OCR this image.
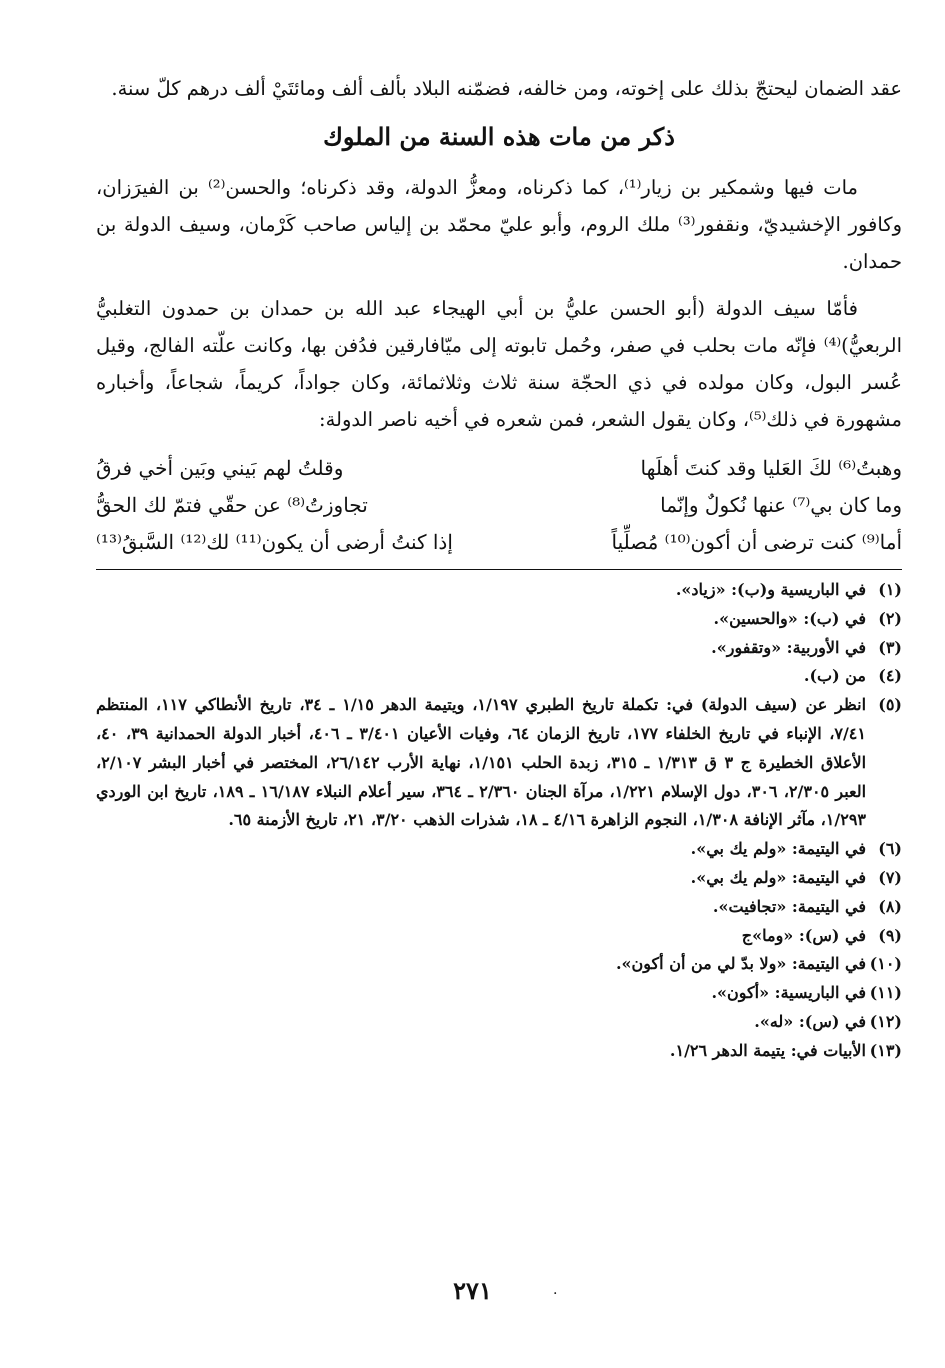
عقد الضمان ليحتجّ بذلك على إخوته، ومن خالفه، فضمّنه البلاد بألف ألف ومائتَيْ ألف درهم كلّ سنة.

ذكر من مات هذه السنة من الملوك

مات فيها وشمكير بن زيار⁽¹⁾، كما ذكرناه، ومعزُّ الدولة، وقد ذكرناه؛ والحسن⁽²⁾ بن الفيرَزان، وكافور الإخشيديّ، ونقفور⁽³⁾ ملك الروم، وأبو عليّ محمّد بن إلياس صاحب كَرْمان، وسيف الدولة بن حمدان.

فأمّا سيف الدولة (أبو الحسن عليُّ بن أبي الهيجاء عبد الله بن حمدان بن حمدون التغلبيُّ الربعيُّ)⁽⁴⁾ فإنّه مات بحلب في صفر، وحُمل تابوته إلى ميّافارقين فدُفن بها، وكانت علّته الفالج، وقيل عُسر البول، وكان مولده في ذي الحجّة سنة ثلاث وثلاثمائة، وكان جواداً، كريماً، شجاعاً، وأخباره مشهورة في ذلك⁽⁵⁾، وكان يقول الشعر، فمن شعره في أخيه ناصر الدولة:

وهبتُ⁽⁶⁾ لكَ العَليا وقد كنتَ أهلَها
وقلتُ لهم بَيني وبَين أخي فرقُ
وما كان بي⁽⁷⁾ عنها نُكولٌ وإنّما
تجاوزتُ⁽⁸⁾ عن حقّي فتمّ لك الحقُّ
أما⁽⁹⁾ كنت ترضى أن أكون⁽¹⁰⁾ مُصلِّياً
إذا كنتُ أرضى أن يكون⁽¹¹⁾ لك⁽¹²⁾ السَّبقُ⁽¹³⁾
(١)
في الباريسية و(ب): «زياد».
(٢)
في (ب): «والحسين».
(٣)
في الأوربية: «وتقفور».
(٤)
من (ب).
(٥)
انظر عن (سيف الدولة) في: تكملة تاريخ الطبري ١/١٩٧، ويتيمة الدهر ١/١٥ ـ ٣٤، تاريخ الأنطاكي ١١٧، المنتظم ٧/٤١، الإنباء في تاريخ الخلفاء ١٧٧، تاريخ الزمان ٦٤، وفيات الأعيان ٣/٤٠١ ـ ٤٠٦، أخبار الدولة الحمدانية ٣٩، ٤٠، الأعلاق الخطيرة ج ٣ ق ١/٣١٣ ـ ٣١٥، زبدة الحلب ١/١٥١، نهاية الأرب ٢٦/١٤٢، المختصر في أخبار البشر ٢/١٠٧، العبر ٢/٣٠٥، ٣٠٦، دول الإسلام ١/٢٢١، مرآة الجنان ٢/٣٦٠ ـ ٣٦٤، سير أعلام النبلاء ١٦/١٨٧ ـ ١٨٩، تاريخ ابن الوردي ١/٢٩٣، مآثر الإنافة ١/٣٠٨، النجوم الزاهرة ٤/١٦ ـ ١٨، شذرات الذهب ٣/٢٠، ٢١، تاريخ الأزمنة ٦٥.
(٦)
في اليتيمة: «ولم يك بي».
(٧)
في اليتيمة: «ولم يك بي».
(٨)
في اليتيمة: «تجافيت».
(٩)
في (س): «وما»ج
(١٠)
في اليتيمة: «ولا بدّ لي من أن أكون».
(١١)
في الباريسية: «أكون».
(١٢)
في (س): «له».
(١٣)
الأبيات في: يتيمة الدهر ١/٢٦.
٢٧١	.
